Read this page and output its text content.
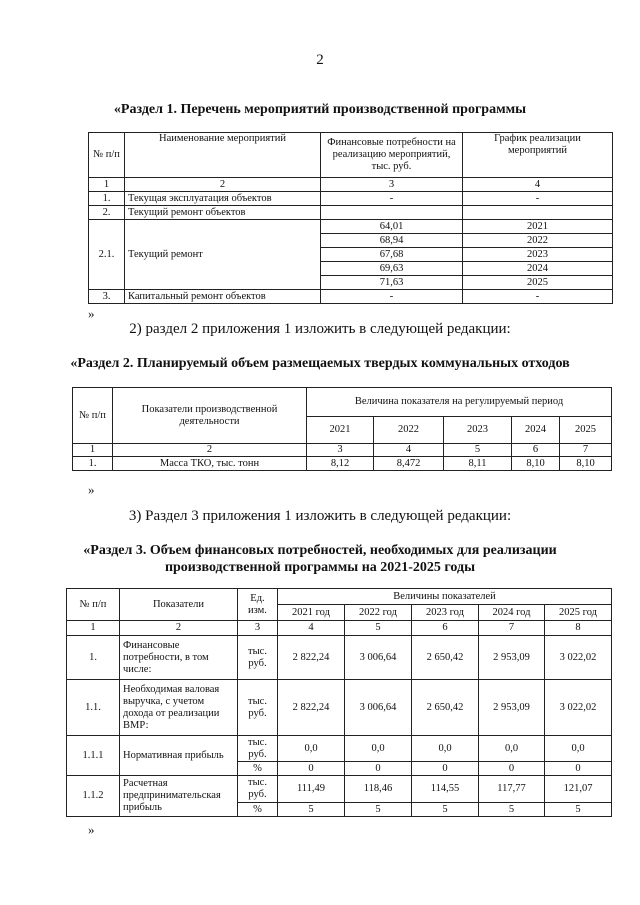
2
«Раздел 1. Перечень мероприятий производственной программы
№ п/п	Наименование мероприятий	Финансовые потребности на реализацию мероприятий, тыс. руб.	График реализации мероприятий
1	2	3	4
1.	Текущая эксплуатация объектов	-	-
2.	Текущий ремонт объектов		
2.1.	Текущий ремонт	64,01	2021
		68,94	2022
		67,68	2023
		69,63	2024
		71,63	2025
3.	Капитальный ремонт объектов	-	-
»
2) раздел 2 приложения 1 изложить в следующей редакции:
«Раздел 2. Планируемый объем размещаемых твердых коммунальных отходов
№ п/п	Показатели производственной деятельности	Величина показателя на регулируемый период				
		2021	2022	2023	2024	2025
1	2	3	4	5	6	7
1.	Масса ТКО, тыс. тонн	8,12	8,472	8,11	8,10	8,10
»
3) Раздел 3 приложения 1 изложить в следующей редакции:
«Раздел 3. Объем финансовых потребностей, необходимых для реализации
производственной программы на 2021-2025 годы
№ п/п	Показатели	Ед. изм.	Величины показателей				
			2021 год	2022 год	2023 год	2024 год	2025 год
1	2	3	4	5	6	7	8
1.	Финансовые потребности, в том числе:	тыс. руб.	2 822,24	3 006,64	2 650,42	2 953,09	3 022,02
1.1.	Необходимая валовая выручка, с учетом дохода от реализации ВМР:	тыс. руб.	2 822,24	3 006,64	2 650,42	2 953,09	3 022,02
1.1.1	Нормативная прибыль	тыс. руб.	0,0	0,0	0,0	0,0	0,0
		%	0	0	0	0	0
1.1.2	Расчетная предпринимательская прибыль	тыс. руб.	111,49	118,46	114,55	117,77	121,07
		%	5	5	5	5	5
»
